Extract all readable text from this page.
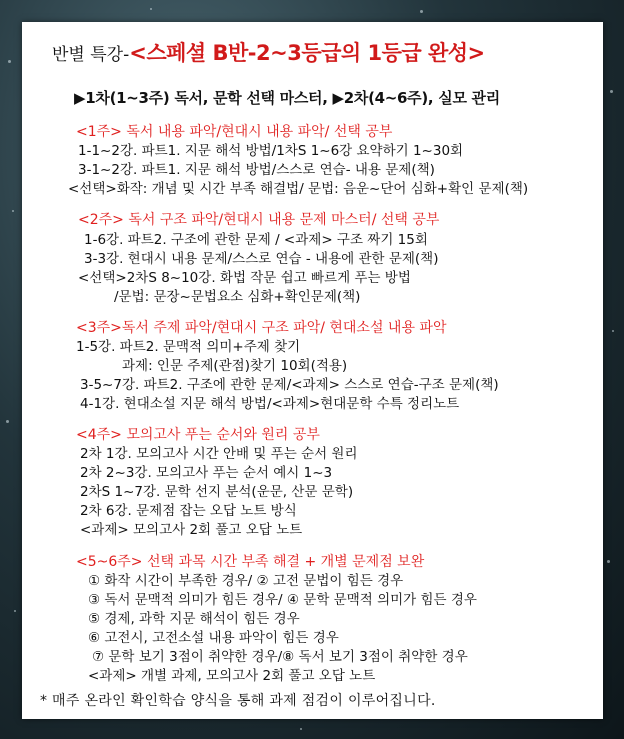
반별 특강-<스페셜 B반-2~3등급의 1등급 완성>
▶1차(1~3주) 독서, 문학 선택 마스터, ▶2차(4~6주), 실모 관리
<1주> 독서 내용 파악/현대시 내용 파악/ 선택 공부
1-1~2강. 파트1. 지문 해석 방법/1차S 1~6강 요약하기 1~30회
3-1~2강. 파트1. 지문 해석 방법/스스로 연습- 내용 문제(책)
<선택>화작: 개념 및 시간 부족 해결법/ 문법: 음운~단어 심화+확인 문제(책)
<2주> 독서 구조 파악/현대시 내용 문제 마스터/ 선택 공부
1-6강. 파트2. 구조에 관한 문제 / <과제> 구조 짜기 15회
3-3강. 현대시 내용 문제/스스로 연습 - 내용에 관한 문제(책)
<선택>2차S 8~10강. 화법 작문 쉽고 빠르게 푸는 방법
/문법: 문장~문법요소 심화+확인문제(책)
<3주>독서 주제 파악/현대시 구조 파악/ 현대소설 내용 파악
1-5강. 파트2. 문맥적 의미+주제 찾기
과제: 인문 주제(관점)찾기 10회(적용)
3-5~7강. 파트2. 구조에 관한 문제/<과제> 스스로 연습-구조 문제(책)
4-1강. 현대소설 지문 해석 방법/<과제>현대문학 수특 정리노트
<4주> 모의고사 푸는 순서와 원리 공부
2차 1강. 모의고사 시간 안배 및 푸는 순서 원리
2차 2~3강. 모의고사 푸는 순서 예시 1~3
2차S 1~7강. 문학 선지 분석(운문, 산문 문학)
2차 6강. 문제점 잡는 오답 노트 방식
<과제> 모의고사 2회 풀고 오답 노트
<5~6주> 선택 과목 시간 부족 해결 + 개별 문제점 보완
① 화작 시간이 부족한 경우/ ② 고전 문법이 힘든 경우
③ 독서 문맥적 의미가 힘든 경우/ ④ 문학 문맥적 의미가 힘든 경우
⑤ 경제, 과학 지문 해석이 힘든 경우
⑥ 고전시, 고전소설 내용 파악이 힘든 경우
⑦ 문학 보기 3점이 취약한 경우/⑧ 독서 보기 3점이 취약한 경우
<과제> 개별 과제, 모의고사 2회 풀고 오답 노트
* 매주 온라인 확인학습 양식을 통해 과제 점검이 이루어집니다.
